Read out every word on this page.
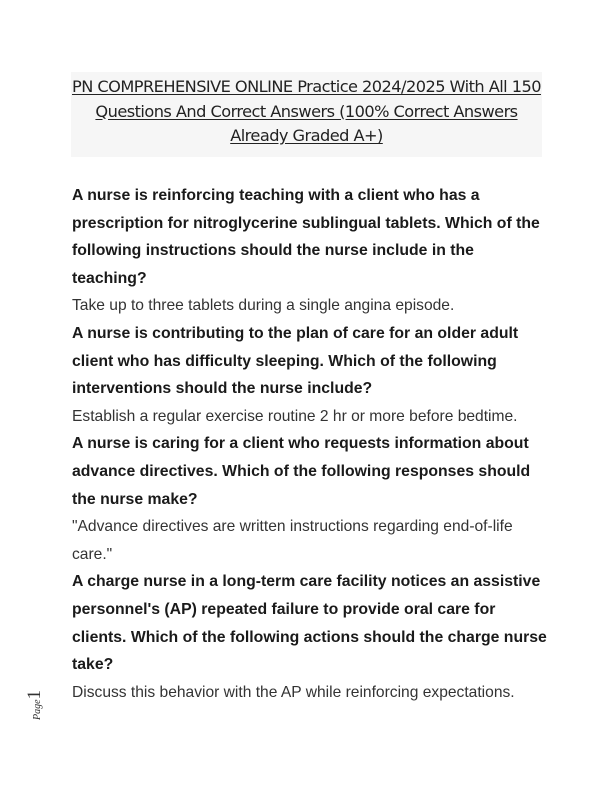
PN COMPREHENSIVE ONLINE Practice 2024/2025 With All 150 Questions And Correct Answers (100% Correct Answers Already Graded A+)

A nurse is reinforcing teaching with a client who has a prescription for nitroglycerine sublingual tablets. Which of the following instructions should the nurse include in the teaching?

Take up to three tablets during a single angina episode.

A nurse is contributing to the plan of care for an older adult client who has difficulty sleeping. Which of the following interventions should the nurse include?

Establish a regular exercise routine 2 hr or more before bedtime.

A nurse is caring for a client who requests information about advance directives. Which of the following responses should the nurse make?

"Advance directives are written instructions regarding end-of-life care."

A charge nurse in a long-term care facility notices an assistive personnel's (AP) repeated failure to provide oral care for clients. Which of the following actions should the charge nurse take?

Discuss this behavior with the AP while reinforcing expectations.

Page1
